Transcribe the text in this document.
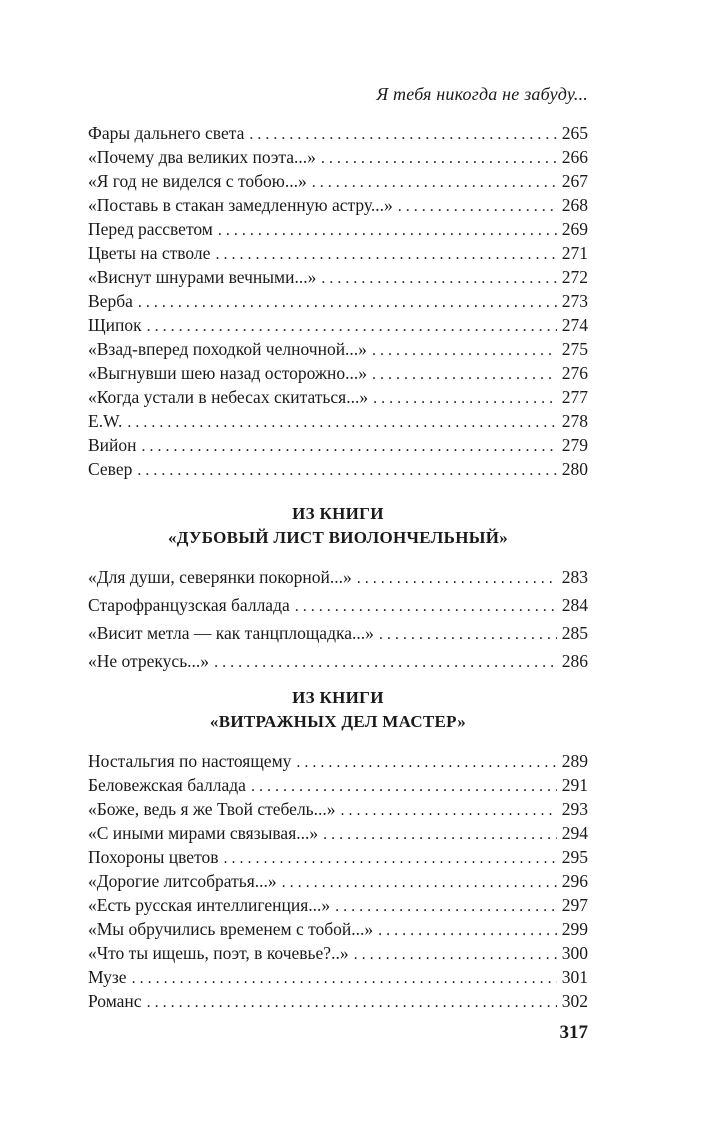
Я тебя никогда не забуду...
Фары дальнего света . . .	265
«Почему два великих поэта...» . . .	266
«Я год не виделся с тобою...» . . .	267
«Поставь в стакан замедленную астру...» . . .	268
Перед рассветом . . .	269
Цветы на стволе . . .	271
«Виснут шнурами вечными...» . . .	272
Верба . . .	273
Щипок . . .	274
«Взад-вперед походкой челночной...» . . .	275
«Выгнувши шею назад осторожно...» . . .	276
«Когда устали в небесах скитаться...» . . .	277
E.W. . . .	278
Вийон . . .	279
Север . . .	280
ИЗ КНИГИ
«ДУБОВЫЙ ЛИСТ ВИОЛОНЧЕЛЬНЫЙ»
«Для души, северянки покорной...» . . .	283
Старофранцузская баллада . . .	284
«Висит метла — как танцплощадка...» . . .	285
«Не отрекусь...» . . .	286
ИЗ КНИГИ
«ВИТРАЖНЫХ ДЕЛ МАСТЕР»
Ностальгия по настоящему . . .	289
Беловежская баллада . . .	291
«Боже, ведь я же Твой стебель...» . . .	293
«С иными мирами связывая...» . . .	294
Похороны цветов . . .	295
«Дорогие литсобратья...» . . .	296
«Есть русская интеллигенция...» . . .	297
«Мы обручились временем с тобой...» . . .	299
«Что ты ищешь, поэт, в кочевье?..» . . .	300
Музе . . .	301
Романс . . .	302
317
